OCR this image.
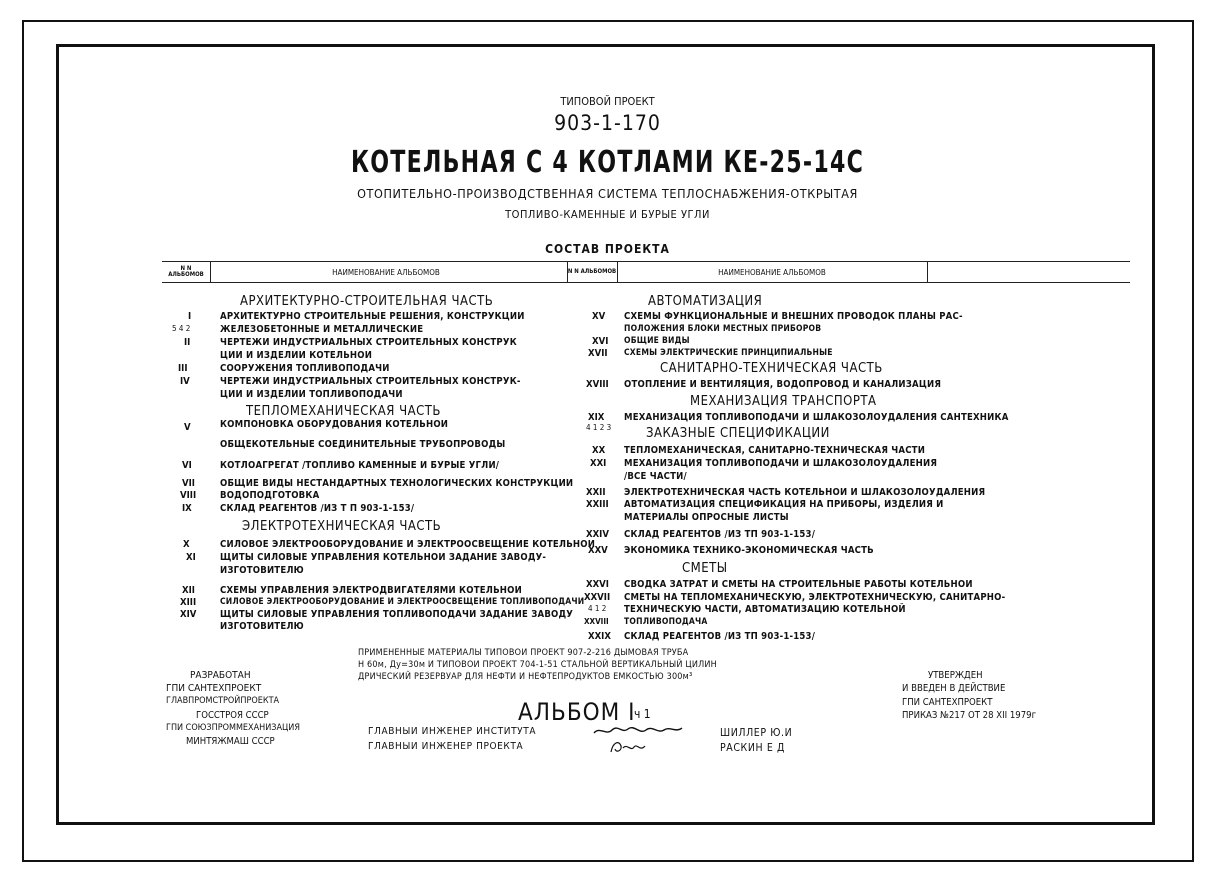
ТИПОВОЙ ПРОЕКТ
903-1-170
КОТЕЛЬНАЯ С 4 КОТЛАМИ КЕ-25-14С
ОТОПИТЕЛЬНО-ПРОИЗВОДСТВЕННАЯ СИСТЕМА ТЕПЛОСНАБЖЕНИЯ-ОТКРЫТАЯ
ТОПЛИВО-КАМЕННЫЕ И БУРЫЕ УГЛИ
СОСТАВ ПРОЕКТА
N N АЛЬБОМОВ	НАИМЕНОВАНИЕ АЛЬБОМОВ	N N АЛЬБОМОВ	НАИМЕНОВАНИЕ АЛЬБОМОВ
АРХИТЕКТУРНО-СТРОИТЕЛЬНАЯ ЧАСТЬ
I	АРХИТЕКТУРНО СТРОИТЕЛЬНЫЕ РЕШЕНИЯ, КОНСТРУКЦИИ
5 4 2	ЖЕЛЕЗОБЕТОННЫЕ И МЕТАЛЛИЧЕСКИЕ
II	ЧЕРТЕЖИ ИНДУСТРИАЛЬНЫХ СТРОИТЕЛЬНЫХ КОНСТРУК
ЦИИ И ИЗДЕЛИИ КОТЕЛЬНОИ
III	СООРУЖЕНИЯ ТОПЛИВОПОДАЧИ
IV	ЧЕРТЕЖИ ИНДУСТРИАЛЬНЫХ СТРОИТЕЛЬНЫХ КОНСТРУК-
ЦИИ И ИЗДЕЛИИ ТОПЛИВОПОДАЧИ
ТЕПЛОМЕХАНИЧЕСКАЯ ЧАСТЬ
V	КОМПОНОВКА ОБОРУДОВАНИЯ КОТЕЛЬНОИ
ОБЩЕКОТЕЛЬНЫЕ СОЕДИНИТЕЛЬНЫЕ ТРУБОПРОВОДЫ
VI	КОТЛОАГРЕГАТ /ТОПЛИВО КАМЕННЫЕ И БУРЫЕ УГЛИ/
VII	ОБЩИЕ ВИДЫ НЕСТАНДАРТНЫХ ТЕХНОЛОГИЧЕСКИХ КОНСТРУКЦИИ
VIII	ВОДОПОДГОТОВКА
IX	СКЛАД РЕАГЕНТОВ /ИЗ Т П 903-1-153/
ЭЛЕКТРОТЕХНИЧЕСКАЯ ЧАСТЬ
X	СИЛОВОЕ ЭЛЕКТРООБОРУДОВАНИЕ И ЭЛЕКТРООСВЕЩЕНИЕ КОТЕЛЬНОИ
XI	ЩИТЫ СИЛОВЫЕ УПРАВЛЕНИЯ КОТЕЛЬНОИ ЗАДАНИЕ ЗАВОДУ-
ИЗГОТОВИТЕЛЮ
XII	СХЕМЫ УПРАВЛЕНИЯ ЭЛЕКТРОДВИГАТЕЛЯМИ КОТЕЛЬНОИ
XIII	СИЛОВОЕ ЭЛЕКТРООБОРУДОВАНИЕ И ЭЛЕКТРООСВЕЩЕНИЕ ТОПЛИВОПОДАЧИ
XIV ЩИТЫ СИЛОВЫЕ УПРАВЛЕНИЯ ТОПЛИВОПОДАЧИ ЗАДАНИЕ ЗАВОДУ
ИЗГОТОВИТЕЛЮ
АВТОМАТИЗАЦИЯ
XV СХЕМЫ ФУНКЦИОНАЛЬНЫЕ И ВНЕШНИХ ПРОВОДОК ПЛАНЫ РАС-
ПОЛОЖЕНИЯ БЛОКИ МЕСТНЫХ ПРИБОРОВ
XVI ОБЩИЕ ВИДЫ
XVII СХЕМЫ ЭЛЕКТРИЧЕСКИЕ ПРИНЦИПИАЛЬНЫЕ
САНИТАРНО-ТЕХНИЧЕСКАЯ ЧАСТЬ
XVIII ОТОПЛЕНИЕ И ВЕНТИЛЯЦИЯ, ВОДОПРОВОД И КАНАЛИЗАЦИЯ
МЕХАНИЗАЦИЯ ТРАНСПОРТА
XIX МЕХАНИЗАЦИЯ ТОПЛИВОПОДАЧИ И ШЛАКОЗОЛОУДАЛЕНИЯ САНТЕХНИКА
4 1 2 3	ЗАКАЗНЫЕ СПЕЦИФИКАЦИИ
XX ТЕПЛОМЕХАНИЧЕСКАЯ, САНИТАРНО-ТЕХНИЧЕСКАЯ ЧАСТИ
XXI МЕХАНИЗАЦИЯ ТОПЛИВОПОДАЧИ И ШЛАКОЗОЛОУДАЛЕНИЯ
/ВСЕ ЧАСТИ/
XXII ЭЛЕКТРОТЕХНИЧЕСКАЯ ЧАСТЬ КОТЕЛЬНОИ И ШЛАКОЗОЛОУДАЛЕНИЯ
XXIII АВТОМАТИЗАЦИЯ СПЕЦИФИКАЦИЯ НА ПРИБОРЫ, ИЗДЕЛИЯ И
МАТЕРИАЛЫ ОПРОСНЫЕ ЛИСТЫ
XXIV СКЛАД РЕАГЕНТОВ /ИЗ ТП 903-1-153/
XXV ЭКОНОМИКА ТЕХНИКО-ЭКОНОМИЧЕСКАЯ ЧАСТЬ
СМЕТЫ
XXVI СВОДКА ЗАТРАТ И СМЕТЫ НА СТРОИТЕЛЬНЫЕ РАБОТЫ КОТЕЛЬНОИ
XXVII СМЕТЫ НА ТЕПЛОМЕХАНИЧЕСКУЮ, ЭЛЕКТРОТЕХНИЧЕСКУЮ, САНИТАРНО-
4 1 2 ТЕХНИЧЕСКУЮ ЧАСТИ, АВТОМАТИЗАЦИЮ КОТЕЛЬНОЙ
XXVIII ТОПЛИВОПОДАЧА
XXIX СКЛАД РЕАГЕНТОВ /ИЗ ТП 903-1-153/
ПРИМЕНЕННЫЕ МАТЕРИАЛЫ ТИПОВОИ ПРОЕКТ 907-2-216 ДЫМОВАЯ ТРУБА
Н 60м, Ду=30м И ТИПОВОИ ПРОЕКТ 704-1-51 СТАЛЬНОЙ ВЕРТИКАЛЬНЫЙ ЦИЛИН
ДРИЧЕСКИЙ РЕЗЕРВУАР ДЛЯ НЕФТИ И НЕФТЕПРОДУКТОВ ЕМКОСТЬЮ 300м³
РАЗРАБОТАН
ГПИ САНТЕХПРОЕКТ
ГЛАВПРОМСТРОЙПРОЕКТА
ГОССТРОЯ СССР
ГПИ СОЮЗПРОММЕХАНИЗАЦИЯ
МИНТЯЖМАШ СССР
АЛЬБОМ I
ч 1
ГЛАВНЫИ ИНЖЕНЕР ИНСТИТУТА
ГЛАВНЫИ ИНЖЕНЕР ПРОЕКТА
ШИЛЛЕР Ю.И
РАСКИН Е Д
УТВЕРЖДЕН
И ВВЕДЕН В ДЕЙСТВИЕ
ГПИ САНТЕХПРОЕКТ
ПРИКАЗ №217 ОТ 28 XII 1979г
